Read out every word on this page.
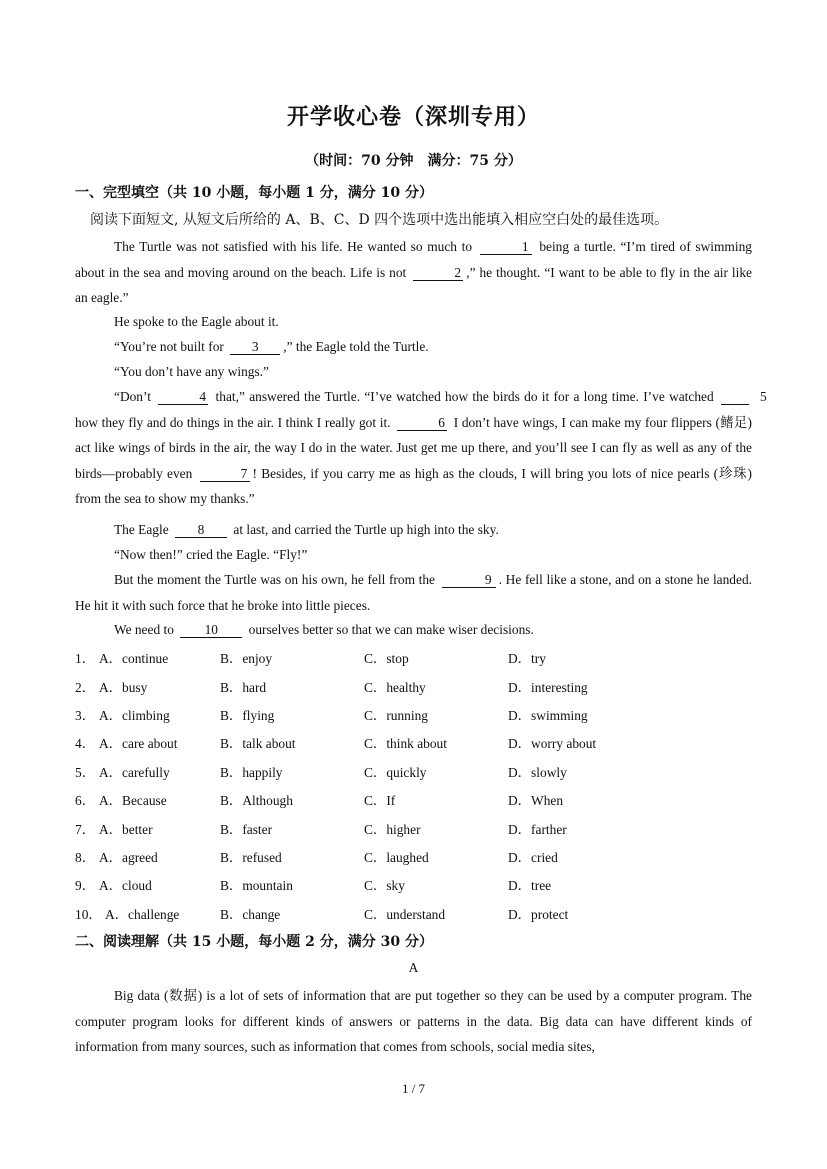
开学收心卷（深圳专用）
（时间：70 分钟　满分：75 分）
一、完型填空（共 10 小题，每小题 1 分，满分 10 分）
阅读下面短文, 从短文后所给的 A、B、C、D 四个选项中选出能填入相应空白处的最佳选项。
The Turtle was not satisfied with his life. He wanted so much to	1 being a turtle. “I’m tired of swimming about in the sea and moving around on the beach. Life is not	2 ,” he thought. “I want to be able to fly in the air like an eagle.”
He spoke to the Eagle about it.
“You’re not built for 3 ,” the Eagle told the Turtle.
“You don’t have any wings.”
“Don’t	4 that,” answered the Turtle. “I’ve watched how the birds do it for a long time. I’ve watched	5 how they fly and do things in the air. I think I really got it.	6 I don’t have wings, I can make my four flippers (鳍足) act like wings of birds in the air, the way I do in the water. Just get me up there, and you’ll see I can fly as well as any of the birds—probably even	7 ! Besides, if you carry me as high as the clouds, I will bring you lots of nice pearls (珍珠) from the sea to show my thanks.”
The Eagle 8 at last, and carried the Turtle up high into the sky.
“Now then!” cried the Eagle. “Fly!”
But the moment the Turtle was on his own, he fell from the	9 . He fell like a stone, and on a stone he landed. He hit it with such force that he broke into little pieces.
We need to 10 ourselves better so that we can make wiser decisions.
1． A．continue	B．enjoy	C．stop	D．try
2． A．busy	B．hard	C．healthy	D．interesting
3． A．climbing	B．flying	C．running	D．swimming
4． A．care about	B．talk about	C．think about	D．worry about
5． A．carefully	B．happily	C．quickly	D．slowly
6． A．Because	B．Although	C．If	D．When
7． A．better	B．faster	C．higher	D．farther
8． A．agreed	B．refused	C．laughed	D．cried
9． A．cloud	B．mountain	C．sky	D．tree
10． A．challenge	B．change	C．understand	D．protect
二、阅读理解（共 15 小题，每小题 2 分，满分 30 分）
A
Big data (数据) is a lot of sets of information that are put together so they can be used by a computer program. The computer program looks for different kinds of answers or patterns in the data. Big data can have different kinds of information from many sources, such as information that comes from schools, social media sites,
1 / 7
